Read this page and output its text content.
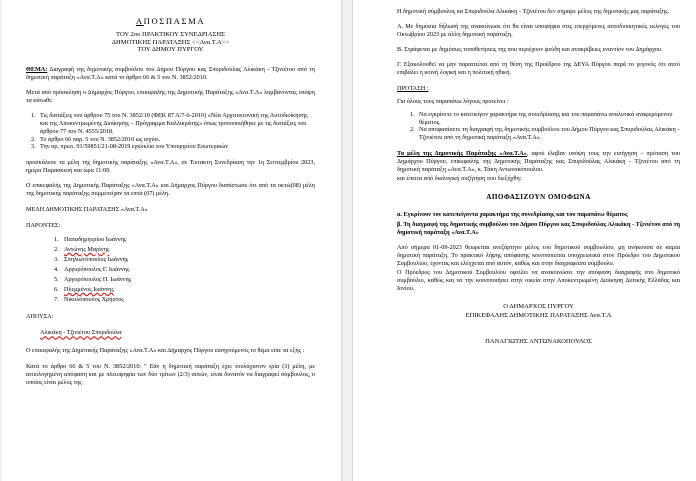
ΑΠΟΣΠΑΣΜΑ
ΤΟΥ 2ου ΠΡΑΚΤΙΚΟΥ ΣΥΝΕΔΡΙΑΣΗΣ
ΔΗΜΟΤΙΚΗΣ ΠΑΡΑΤΑΞΗΣ <<Ανα.Τ.Α>>
ΤΟΥ ΔΗΜΟΥ ΠΥΡΓΟΥ

ΘΕΜΑ: Διαγραφή της δημοτικής συμβούλου του Δήμου Πύργου κας Σπυριδούλας Αλικάκη - Τζινιέτου από τη δημοτική παράταξη «Ανα.Τ.Α» κατά το άρθρο 66 & 5 του Ν. 3852/2010.

Μετά από πρόσκληση ο Δήμαρχος Πύργου, επικεφαλής της Δημοτικής Παράταξης «Ανα.Τ.Α» λαμβάνοντας υπόψη τα κάτωθι:

1. Τις διατάξεις του άρθρου 75 του Ν. 3852/10 (ΦΕΚ 87 Α/7-6-2010) «Νέα Αρχιτεκτονική της Αυτοδιοίκησης και της Αποκεντρωμένης Διοίκησης – Πρόγραμμα Καλλικράτης» όπως τροποποιήθηκε με τις διατάξεις του άρθρου 77 του Ν. 4555/2018.
2. Το άρθρο 66 παρ. 5 του Ν. 3852/2010 ως ισχύει.
3. Την αρ. πρωτ. 91/59851/21-08-2019 εγκύκλιο του Υπουργείου Εσωτερικών

προσκάλεσε τα μέλη της δημοτικής παράταξης «Ανα.Τ.Α», σε Έκτακτη Συνεδρίαση την 1η Σεπτεμβρίου 2023, ημέρα Παρασκευή και ώρα 11:00.

Ο επικεφαλής της Δημοτικής Παράταξης «Ανα.Τ.Α» και Δήμαρχος Πύργου διαπίστωσε ότι από τα οκτώ(08) μέλη της δημοτικής παράταξης συμμετείχαν τα επτά (07) μέλη.

ΜΕΛΗ ΔΗΜΟΤΙΚΗΣ ΠΑΡΑΤΑΞΗΣ «Ανα.Τ.Α»

ΠΑΡΟΝΤΕΣ:

1. Παπαδημητρίου Ιωάννης
2. Αντώνης Μαρίνης
3. Σπηλιωτόπουλος Ιωάννης
4. Αργυρόπουλος Γ. Ιωάννης
5. Αργυρόπουλος Π. Ιωάννης
6. Πλεμμένος Ιωάννης
7. Νικολόπουλος Χρήστος

ΑΠΟΥΣΑ:

Αλικάκη - Τζινιέτου Σπυριδούλα

Ο επικεφαλής της Δημοτικής Παράταξης «Ανα.Τ.Α» και Δήμαρχος Πύργου εισηγούμενος το θέμα είπε τα εξής :

Κατά το άρθρο 66 & 5 του Ν. 3852/2010: " Εάν η δημοτική παράταξη έχει τουλάχιστον τρία (3) μέλη, με αιτιολογημένη απόφαση και με πλειοψηφία των δύο τρίτων (2/3) αυτών, είναι δυνατόν να διαγραφεί σύμβουλος, ο οποίος είναι μέλος της

Η δημοτική σύμβουλος κα Σπυριδούλα Αλικάκη - Τζινιέτου δεν σημαρε μέλος της δημοτικής μας παράταξης.

Α. Με δημόσια δήλωσή της ανακοίνωσε ότι θα είναι υποψήφια στις επερχόμενες αυτοδιοικητικές εκλογές του Οκτωβρίου 2023 με άλλη δημοτική παράταξη.

Β. Στράφεται με δημόσιες τοποθετήσεις της που περιέχουν ψεύδη και ανακρίβειες εναντίον του Δημάρχου.

Γ. Εξακολουθεί να μην παραιτείται από τη θέση της Προέδρου της ΔΕΥΑ Πύργου παρά το γεγονός ότι αυτό επιβάλει η κοινή λογική και η πολιτική ηθική.

ΠΡΟΤΑΣΗ :

Για όλους τους παραπάνω λόγους προτείνει :

1. Να εγκρίνετε το κατεπείγον χαρακτήρα της συνεδρίασης και του παραπάνω αναλυτικά αναφερόμενου θέματος.
2. Να αποφασίσετε τη διαγραφή της δημοτικής συμβούλου του Δήμου Πύργου κας Σπυριδούλας Αλικάκη - Τζινιέτου από τη δημοτική παράταξη «Ανα.Τ.Α».

Τα μέλη της Δημοτικής Παράταξης «Ανα.Τ.Α», αφού έλαβαν υπόψη τους την εισήγηση – πρόταση του Δημάρχου Πύργου, επικεφαλής της Δημοτικής Παράταξης κας Σπυριδούλας Αλικάκη - Τζινιέτου από τη δημοτική παράταξη «Ανα.Τ.Α», κ. Τάκη Αντωνακόπουλου.

και έπειτα από διαλογική συζήτηση που διεξήχθη:

ΑΠΟΦΑΣΙΖΟΥΝ ΟΜΟΦΩΝΑ

α. Εγκρίνουν τον κατεπείγοντα χαρακτήρα της συνεδρίασης και του παραπάνω θέματος

β. Τη διαγραφή της δημοτικής συμβούλου του Δήμου Πύργου κας Σπυριδούλας Αλικάκη - Τζινιέτου από τη δημοτική παράταξη «Ανα.Τ.Α»

Από σήμερα 01-09-2023 θεωρείται ανεξάρτητο μέλος του δημοτικού συμβουλίου, μη ανήκουσα σε καμία δημοτική παράταξη. Το πρακτικό λήψης απόφασης κοινοποιείται υποχρεωτικά στον Πρόεδρο του Δημοτικού Συμβουλίου, έχοντας και ελέγχεται από αυτόν, καθώς και στην διαγραφείσα σύμβουλο.

Ο Πρόεδρος του Δημοτικού Συμβουλίου οφείλει να ανακοινώσει την απόφαση διαγραφής στο δημοτικό συμβούλιο, καθώς και να την κοινοποιήσει στην οικεία στην Αποκεντρωμένη Διοίκηση Δυτικής Ελλάδας και Ιονίου.

Ο ΔΗΜΑΡΧΟΣ ΠΥΡΓΟΥ
ΕΠΙΚΕΦΑΛΗΣ ΔΗΜΟΤΙΚΗΣ ΠΑΡΑΤΑΞΗΣ Ανα.Τ.Α
ΠΑΝΑΓΙΩΤΗΣ ΑΝΤΩΝΑΚΟΠΟΥΛΟΣ
